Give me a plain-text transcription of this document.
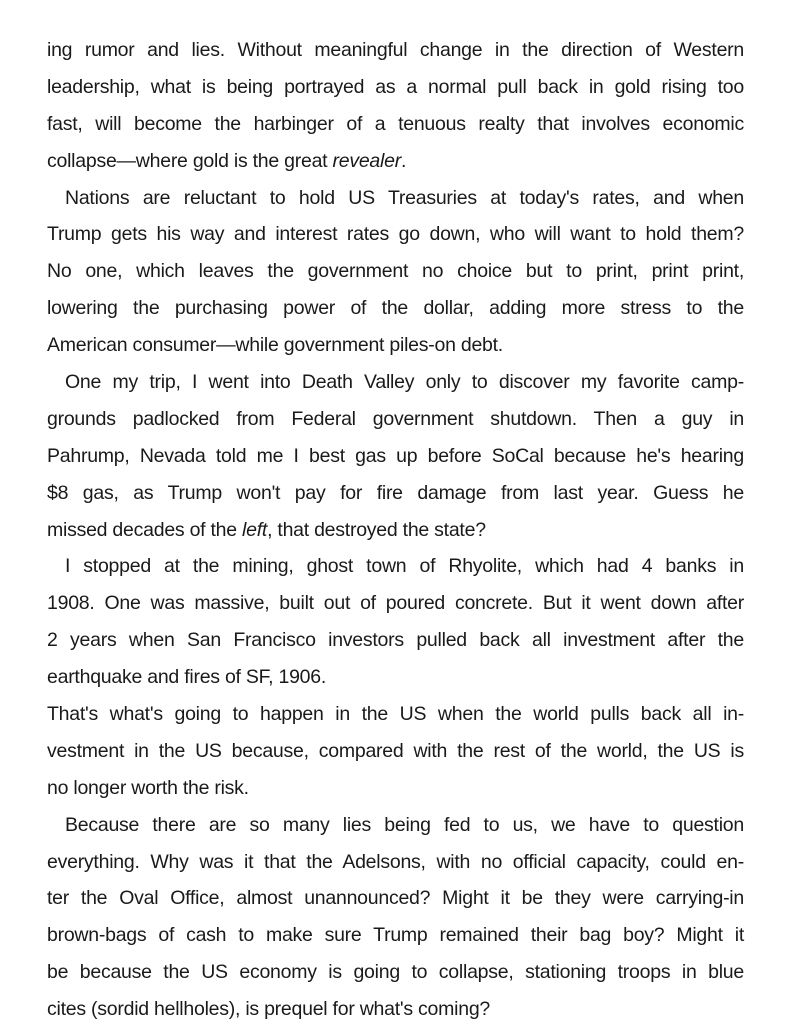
ing rumor and lies. Without meaningful change in the direction of Western
leadership, what is being portrayed as a normal pull back in gold rising too
fast, will become the harbinger of a tenuous realty that involves economic
collapse—where gold is the great revealer.
Nations are reluctant to hold US Treasuries at today's rates, and when
Trump gets his way and interest rates go down, who will want to hold them?
No one, which leaves the government no choice but to print, print print,
lowering the purchasing power of the dollar, adding more stress to the
American consumer—while government piles-on debt.
One my trip, I went into Death Valley only to discover my favorite camp-
grounds padlocked from Federal government shutdown. Then a guy in
Pahrump, Nevada told me I best gas up before SoCal because he's hearing
$8 gas, as Trump won't pay for fire damage from last year. Guess he
missed decades of the left, that destroyed the state?
I stopped at the mining, ghost town of Rhyolite, which had 4 banks in
1908. One was massive, built out of poured concrete. But it went down after
2 years when San Francisco investors pulled back all investment after the
earthquake and fires of SF, 1906.
That's what's going to happen in the US when the world pulls back all in-
vestment in the US because, compared with the rest of the world, the US is
no longer worth the risk.
Because there are so many lies being fed to us, we have to question
everything. Why was it that the Adelsons, with no official capacity, could en-
ter the Oval Office, almost unannounced? Might it be they were carrying-in
brown-bags of cash to make sure Trump remained their bag boy? Might it
be because the US economy is going to collapse, stationing troops in blue
cites (sordid hellholes), is prequel for what's coming?
